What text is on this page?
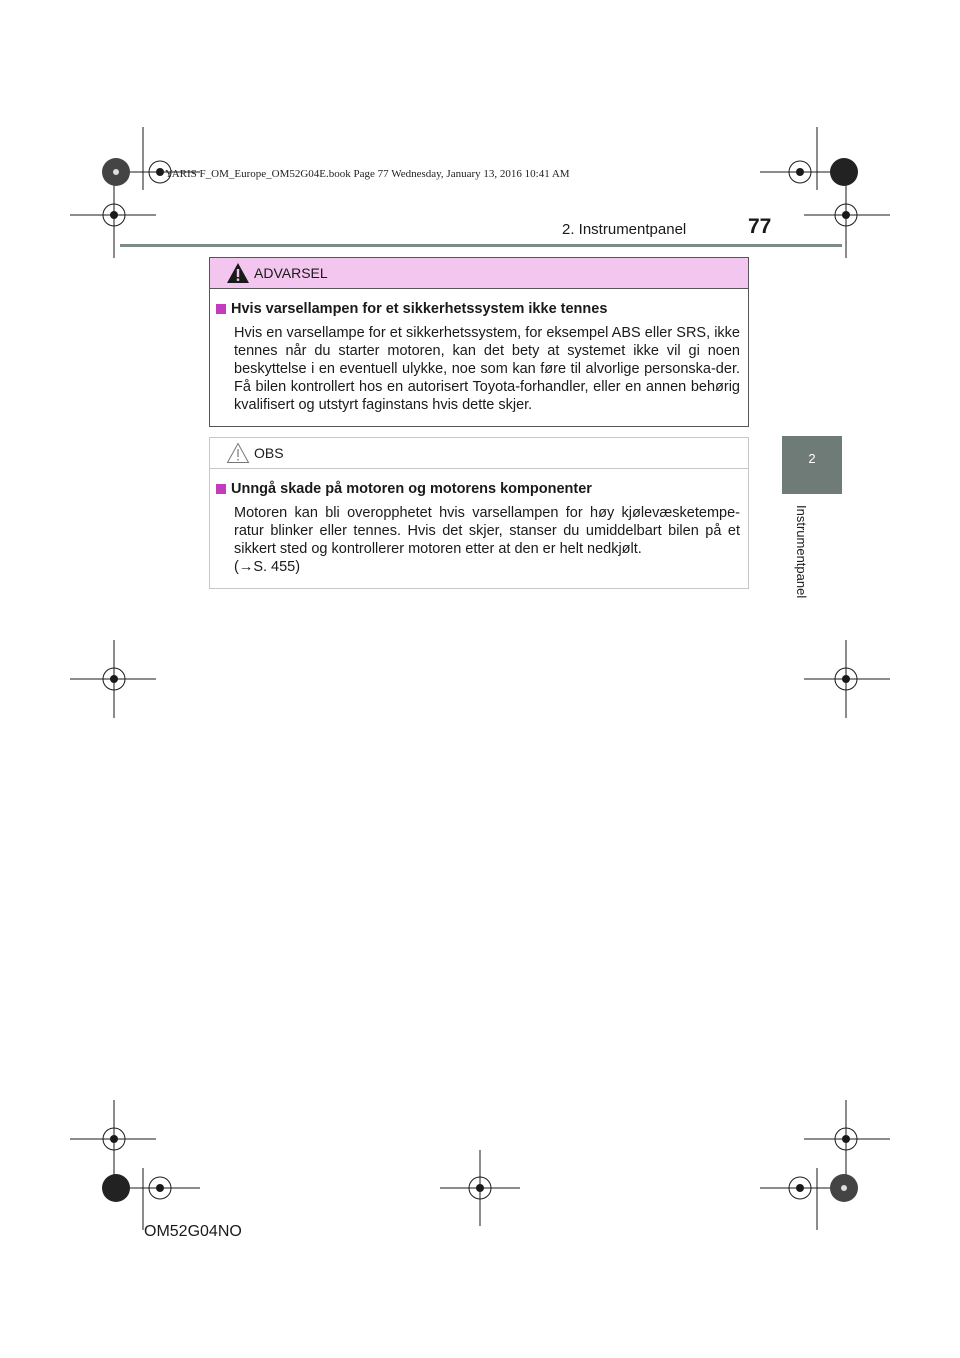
YARIS F_OM_Europe_OM52G04E.book Page 77 Wednesday, January 13, 2016 10:41 AM
2. Instrumentpanel	77
2
Instrumentpanel
ADVARSEL

Hvis varsellampen for et sikkerhetssystem ikke tennes

Hvis en varsellampe for et sikkerhetssystem, for eksempel ABS eller SRS, ikke tennes når du starter motoren, kan det bety at systemet ikke vil gi noen beskyttelse i en eventuell ulykke, noe som kan føre til alvorlige personska-der. Få bilen kontrollert hos en autorisert Toyota-forhandler, eller en annen behørig kvalifisert og utstyrt faginstans hvis dette skjer.

OBS

Unngå skade på motoren og motorens komponenter

Motoren kan bli overopphetet hvis varsellampen for høy kjølevæsketempe-ratur blinker eller tennes. Hvis det skjer, stanser du umiddelbart bilen på et sikkert sted og kontrollerer motoren etter at den er helt nedkjølt.
(→S. 455)

OM52G04NO
